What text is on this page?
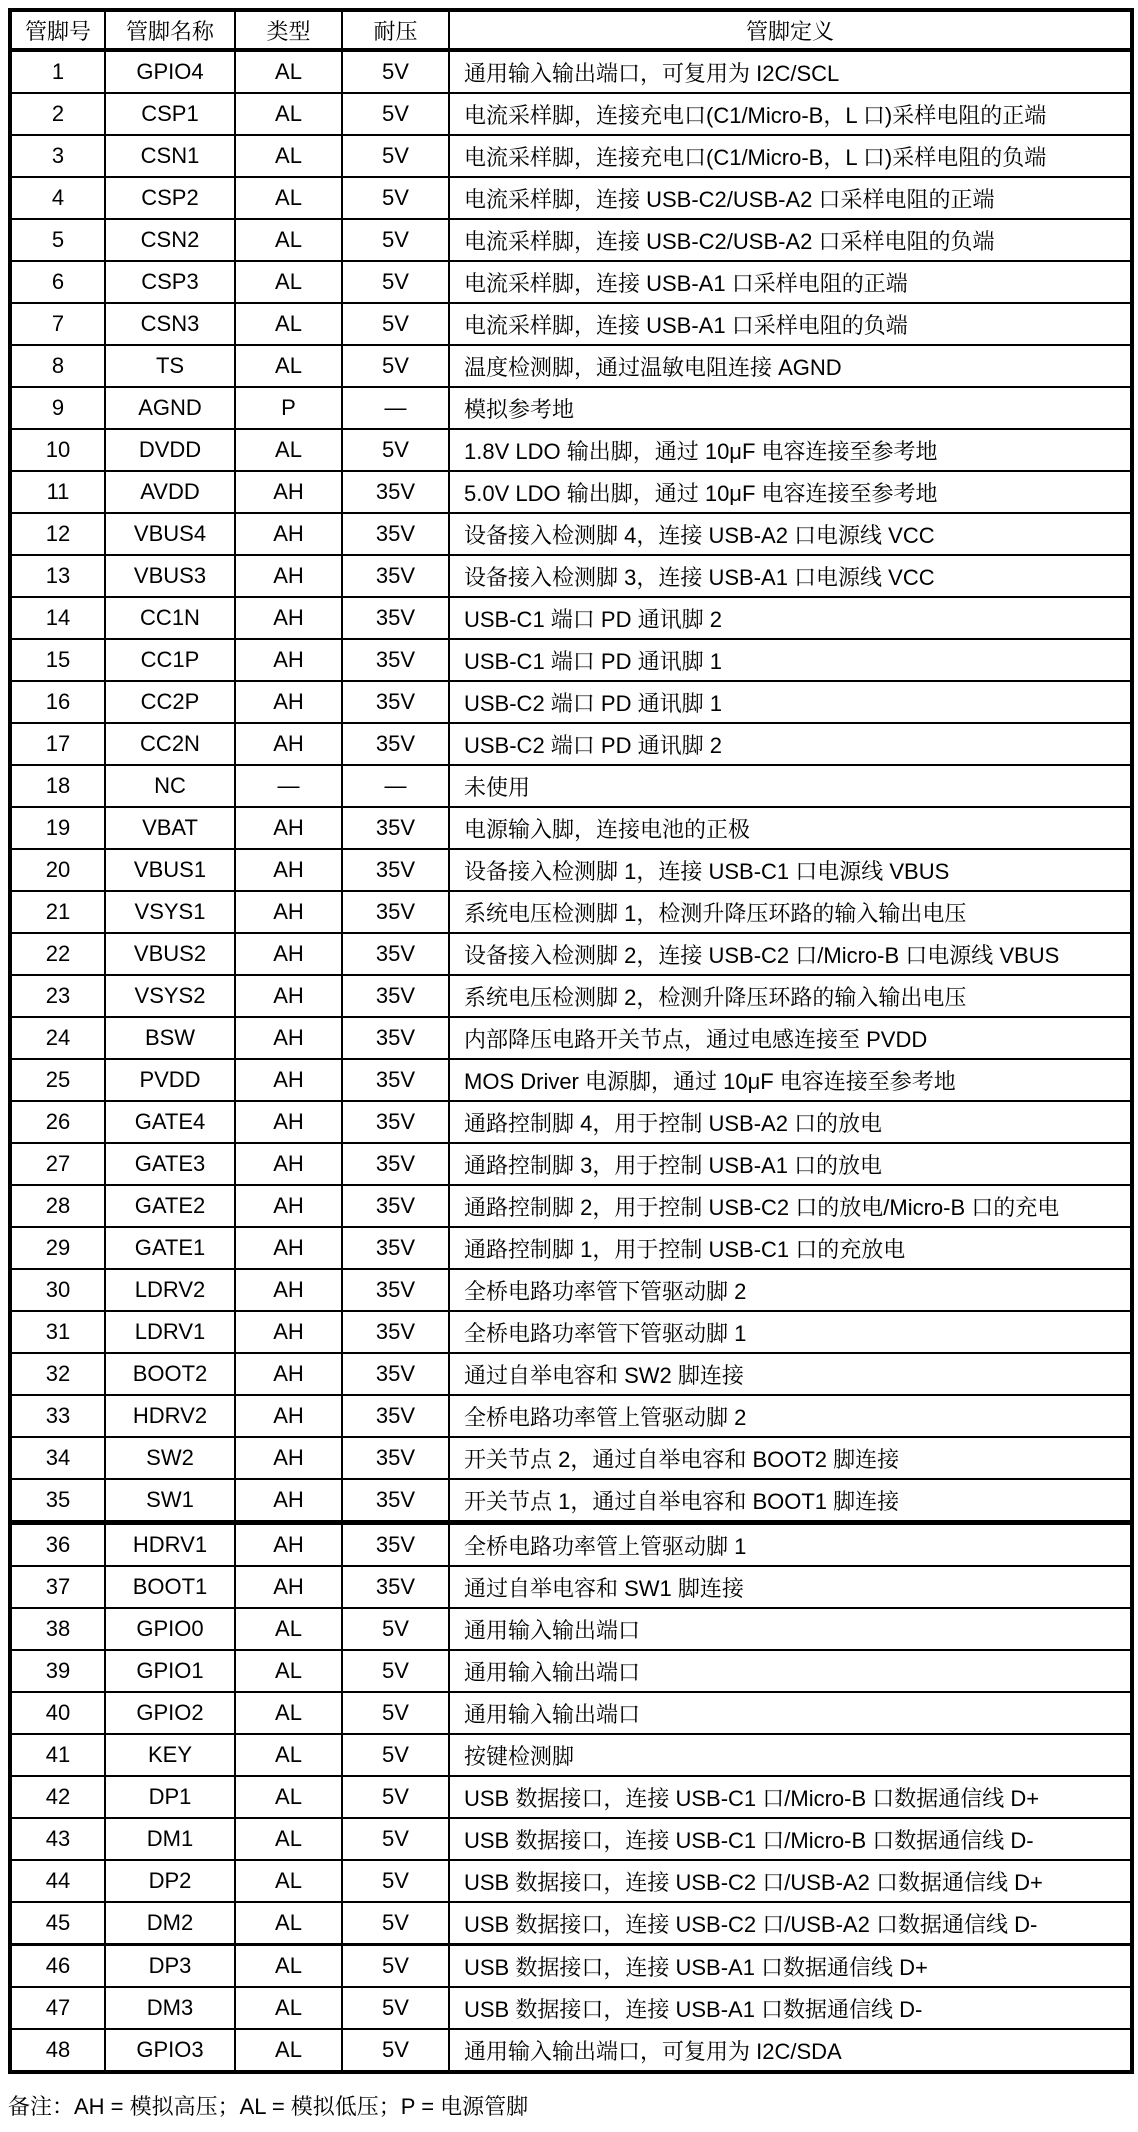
管脚号	管脚名称	类型	耐压	管脚定义
1	GPIO4	AL	5V	通用输入输出端口，可复用为 I2C/SCL
2	CSP1	AL	5V	电流采样脚，连接充电口(C1/Micro-B，L 口)采样电阻的正端
3	CSN1	AL	5V	电流采样脚，连接充电口(C1/Micro-B，L 口)采样电阻的负端
4	CSP2	AL	5V	电流采样脚，连接 USB-C2/USB-A2 口采样电阻的正端
5	CSN2	AL	5V	电流采样脚，连接 USB-C2/USB-A2 口采样电阻的负端
6	CSP3	AL	5V	电流采样脚，连接 USB-A1 口采样电阻的正端
7	CSN3	AL	5V	电流采样脚，连接 USB-A1 口采样电阻的负端
8	TS	AL	5V	温度检测脚，通过温敏电阻连接 AGND
9	AGND	P	—	模拟参考地
10	DVDD	AL	5V	1.8V LDO 输出脚，通过 10μF 电容连接至参考地
11	AVDD	AH	35V	5.0V LDO 输出脚，通过 10μF 电容连接至参考地
12	VBUS4	AH	35V	设备接入检测脚 4，连接 USB-A2 口电源线 VCC
13	VBUS3	AH	35V	设备接入检测脚 3，连接 USB-A1 口电源线 VCC
14	CC1N	AH	35V	USB-C1 端口 PD 通讯脚 2
15	CC1P	AH	35V	USB-C1 端口 PD 通讯脚 1
16	CC2P	AH	35V	USB-C2 端口 PD 通讯脚 1
17	CC2N	AH	35V	USB-C2 端口 PD 通讯脚 2
18	NC	—	—	未使用
19	VBAT	AH	35V	电源输入脚，连接电池的正极
20	VBUS1	AH	35V	设备接入检测脚 1，连接 USB-C1 口电源线 VBUS
21	VSYS1	AH	35V	系统电压检测脚 1，检测升降压环路的输入输出电压
22	VBUS2	AH	35V	设备接入检测脚 2，连接 USB-C2 口/Micro-B 口电源线 VBUS
23	VSYS2	AH	35V	系统电压检测脚 2，检测升降压环路的输入输出电压
24	BSW	AH	35V	内部降压电路开关节点，通过电感连接至 PVDD
25	PVDD	AH	35V	MOS Driver 电源脚，通过 10μF 电容连接至参考地
26	GATE4	AH	35V	通路控制脚 4，用于控制 USB-A2 口的放电
27	GATE3	AH	35V	通路控制脚 3，用于控制 USB-A1 口的放电
28	GATE2	AH	35V	通路控制脚 2，用于控制 USB-C2 口的放电/Micro-B 口的充电
29	GATE1	AH	35V	通路控制脚 1，用于控制 USB-C1 口的充放电
30	LDRV2	AH	35V	全桥电路功率管下管驱动脚 2
31	LDRV1	AH	35V	全桥电路功率管下管驱动脚 1
32	BOOT2	AH	35V	通过自举电容和 SW2 脚连接
33	HDRV2	AH	35V	全桥电路功率管上管驱动脚 2
34	SW2	AH	35V	开关节点 2，通过自举电容和 BOOT2 脚连接
35	SW1	AH	35V	开关节点 1，通过自举电容和 BOOT1 脚连接
36	HDRV1	AH	35V	全桥电路功率管上管驱动脚 1
37	BOOT1	AH	35V	通过自举电容和 SW1 脚连接
38	GPIO0	AL	5V	通用输入输出端口
39	GPIO1	AL	5V	通用输入输出端口
40	GPIO2	AL	5V	通用输入输出端口
41	KEY	AL	5V	按键检测脚
42	DP1	AL	5V	USB 数据接口，连接 USB-C1 口/Micro-B 口数据通信线 D+
43	DM1	AL	5V	USB 数据接口，连接 USB-C1 口/Micro-B 口数据通信线 D-
44	DP2	AL	5V	USB 数据接口，连接 USB-C2 口/USB-A2 口数据通信线 D+
45	DM2	AL	5V	USB 数据接口，连接 USB-C2 口/USB-A2 口数据通信线 D-
46	DP3	AL	5V	USB 数据接口，连接 USB-A1 口数据通信线 D+
47	DM3	AL	5V	USB 数据接口，连接 USB-A1 口数据通信线 D-
48	GPIO3	AL	5V	通用输入输出端口，可复用为 I2C/SDA
备注：AH = 模拟高压；AL = 模拟低压；P = 电源管脚
